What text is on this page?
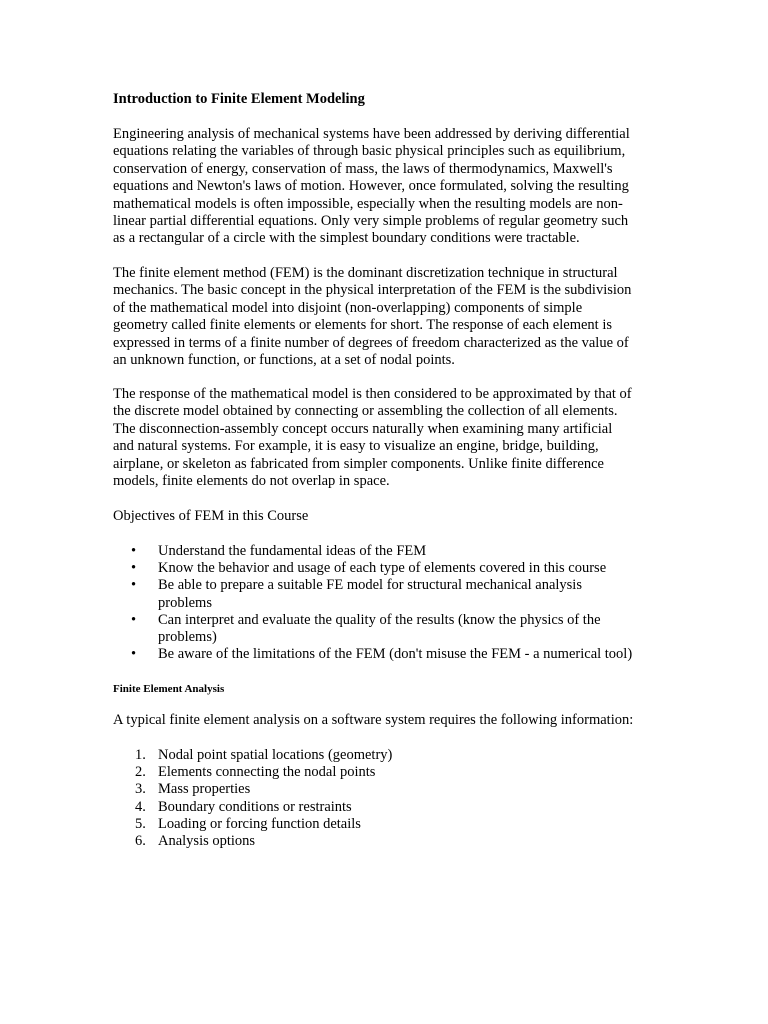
Introduction to Finite Element Modeling

Engineering analysis of mechanical systems have been addressed by deriving differential
equations relating the variables of through basic physical principles such as equilibrium,
conservation of energy, conservation of mass, the laws of thermodynamics, Maxwell's
equations and Newton's laws of motion. However, once formulated, solving the resulting
mathematical models is often impossible, especially when the resulting models are non-
linear partial differential equations. Only very simple problems of regular geometry such
as a rectangular of a circle with the simplest boundary conditions were tractable.

The finite element method (FEM) is the dominant discretization technique in structural
mechanics. The basic concept in the physical interpretation of the FEM is the subdivision
of the mathematical model into disjoint (non-overlapping) components of simple
geometry called finite elements or elements for short. The response of each element is
expressed in terms of a finite number of degrees of freedom characterized as the value of
an unknown function, or functions, at a set of nodal points.

The response of the mathematical model is then considered to be approximated by that of
the discrete model obtained by connecting or assembling the collection of all elements.
The disconnection-assembly concept occurs naturally when examining many artificial
and natural systems. For example, it is easy to visualize an engine, bridge, building,
airplane, or skeleton as fabricated from simpler components. Unlike finite difference
models, finite elements do not overlap in space.

Objectives of FEM in this Course

• Understand the fundamental ideas of the FEM
• Know the behavior and usage of each type of elements covered in this course
• Be able to prepare a suitable FE model for structural mechanical analysis
problems
• Can interpret and evaluate the quality of the results (know the physics of the
problems)
• Be aware of the limitations of the FEM (don't misuse the FEM - a numerical tool)
Finite Element Analysis

A typical finite element analysis on a software system requires the following information:

1. Nodal point spatial locations (geometry)
2. Elements connecting the nodal points
3. Mass properties
4. Boundary conditions or restraints
5. Loading or forcing function details
6. Analysis options
